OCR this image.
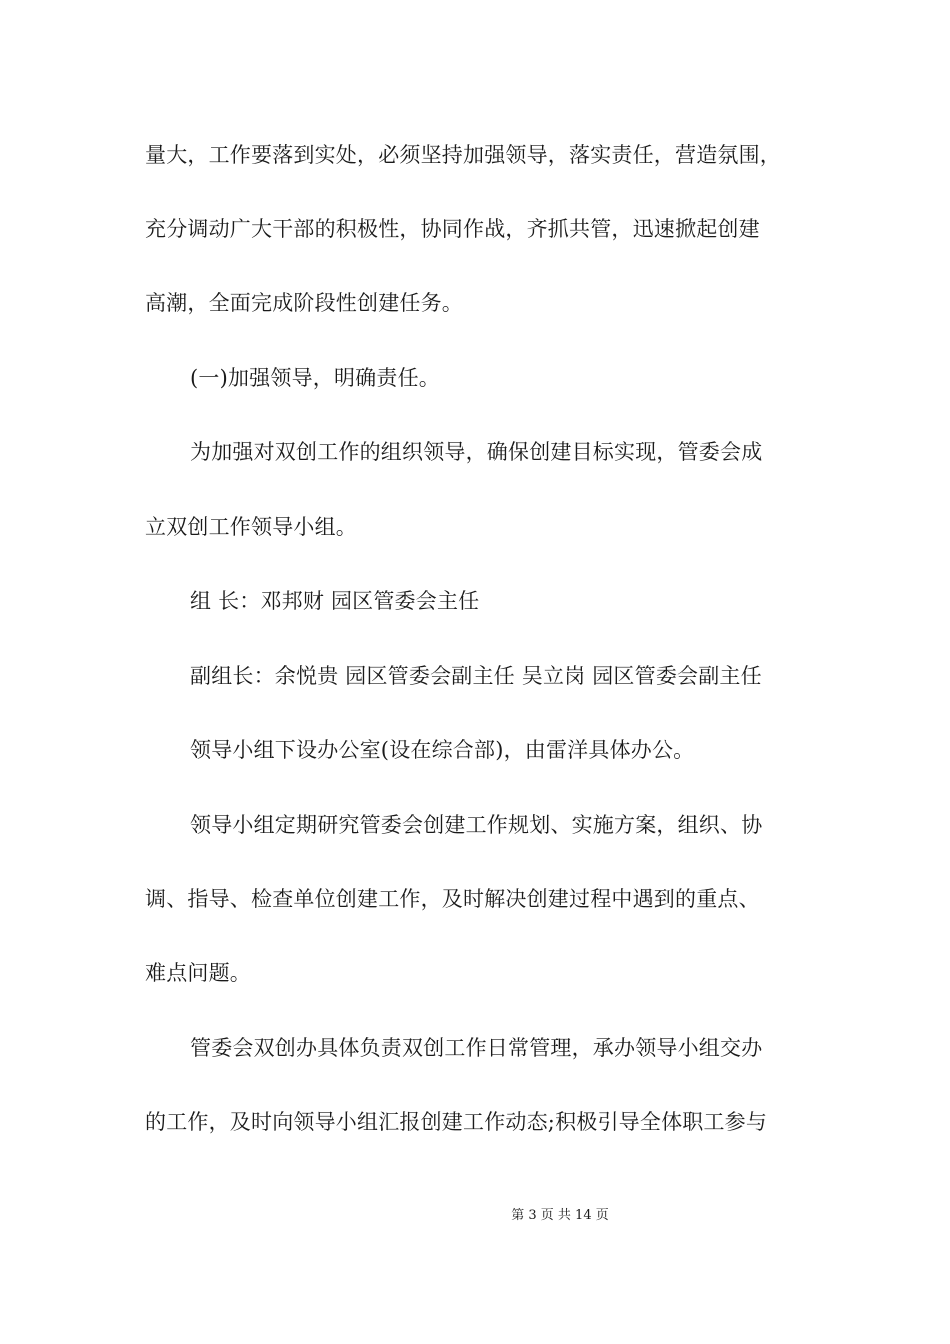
量大，工作要落到实处，必须坚持加强领导，落实责任，营造氛围，
充分调动广大干部的积极性，协同作战，齐抓共管，迅速掀起创建
高潮，全面完成阶段性创建任务。
(一)加强领导，明确责任。
为加强对双创工作的组织领导，确保创建目标实现，管委会成
立双创工作领导小组。
组 长：邓邦财 园区管委会主任
副组长：余悦贵 园区管委会副主任 吴立岗 园区管委会副主任
领导小组下设办公室(设在综合部)，由雷洋具体办公。
领导小组定期研究管委会创建工作规划、实施方案，组织、协
调、指导、检查单位创建工作，及时解决创建过程中遇到的重点、
难点问题。
管委会双创办具体负责双创工作日常管理，承办领导小组交办
的工作，及时向领导小组汇报创建工作动态;积极引导全体职工参与
第 3 页 共 14 页
